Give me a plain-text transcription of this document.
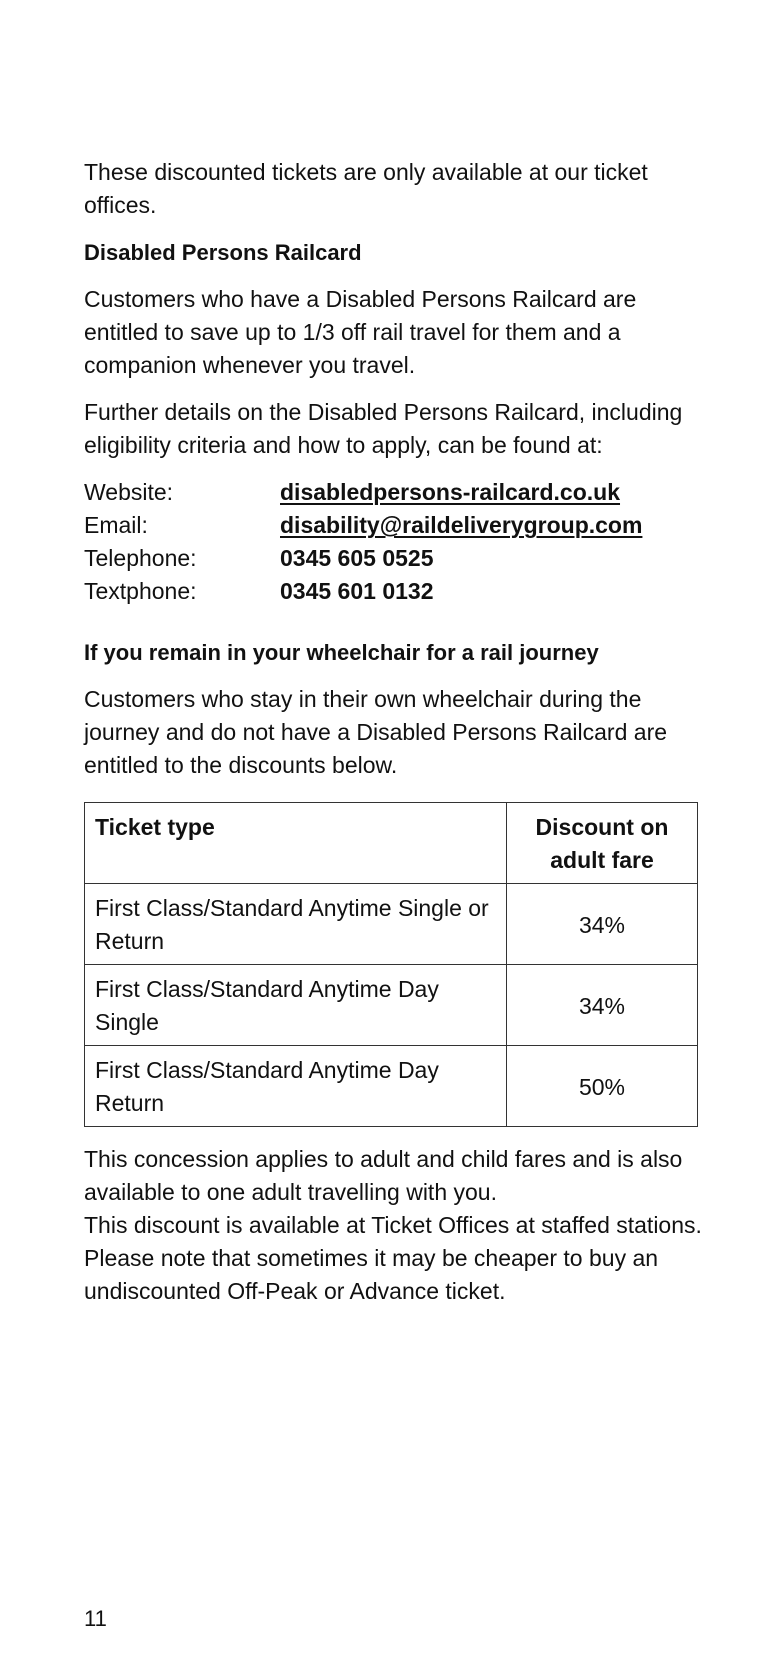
These discounted tickets are only available at our ticket offices.

Disabled Persons Railcard

Customers who have a Disabled Persons Railcard are entitled to save up to 1/3 off rail travel for them and a companion whenever you travel.

Further details on the Disabled Persons Railcard, including eligibility criteria and how to apply, can be found at:

Website:	disabledpersons-railcard.co.uk
Email:	disability@raildeliverygroup.com
Telephone:	0345 605 0525
Textphone:	0345 601 0132
If you remain in your wheelchair for a rail journey

Customers who stay in their own wheelchair during the journey and do not have a Disabled Persons Railcard are entitled to the discounts below.

Ticket type	Discount on adult fare
First Class/Standard Anytime Single or Return	34%
First Class/Standard Anytime Day Single	34%
First Class/Standard Anytime Day Return	50%

This concession applies to adult and child fares and is also available to one adult travelling with you.

This discount is available at Ticket Offices at staffed stations. Please note that sometimes it may be cheaper to buy an undiscounted Off-Peak or Advance ticket.

11
